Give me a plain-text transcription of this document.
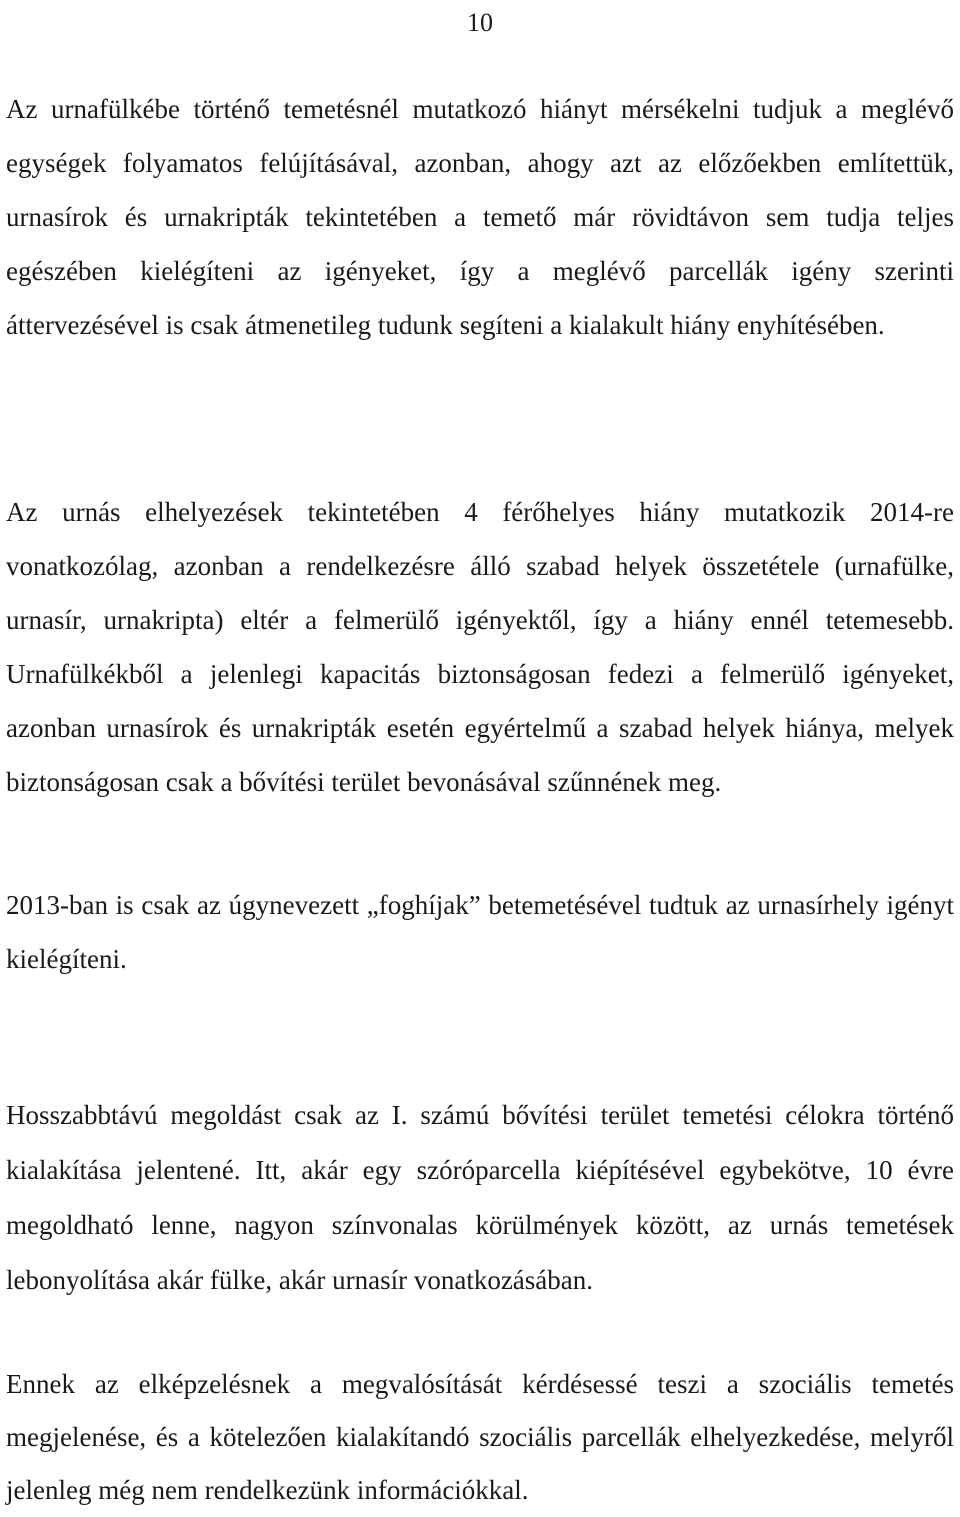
10

Az urnafülkébe történő temetésnél mutatkozó hiányt mérsékelni tudjuk a meglévő egységek folyamatos felújításával, azonban, ahogy azt az előzőekben említettük, urnasírok és urnakripták tekintetében a temető már rövidtávon sem tudja teljes egészében kielégíteni az igényeket, így a meglévő parcellák igény szerinti áttervezésével is csak átmenetileg tudunk segíteni a kialakult hiány enyhítésében.

Az urnás elhelyezések tekintetében 4 férőhelyes hiány mutatkozik 2014-re vonatkozólag, azonban a rendelkezésre álló szabad helyek összetétele (urnafülke, urnasír, urnakripta) eltér a felmerülő igényektől, így a hiány ennél tetemesebb. Urnafülkékből a jelenlegi kapacitás biztonságosan fedezi a felmerülő igényeket, azonban urnasírok és urnakripták esetén egyértelmű a szabad helyek hiánya, melyek biztonságosan csak a bővítési terület bevonásával szűnnének meg.

2013-ban is csak az úgynevezett „foghíjak” betemetésével tudtuk az urnasírhely igényt kielégíteni.

Hosszabbtávú megoldást csak az I. számú bővítési terület temetési célokra történő kialakítása jelentené. Itt, akár egy szóróparcella kiépítésével egybekötve, 10 évre megoldható lenne, nagyon színvonalas körülmények között, az urnás temetések lebonyolítása akár fülke, akár urnasír vonatkozásában.

Ennek az elképzelésnek a megvalósítását kérdésessé teszi a szociális temetés megjelenése, és a kötelezően kialakítandó szociális parcellák elhelyezkedése, melyről jelenleg még nem rendelkezünk információkkal.
